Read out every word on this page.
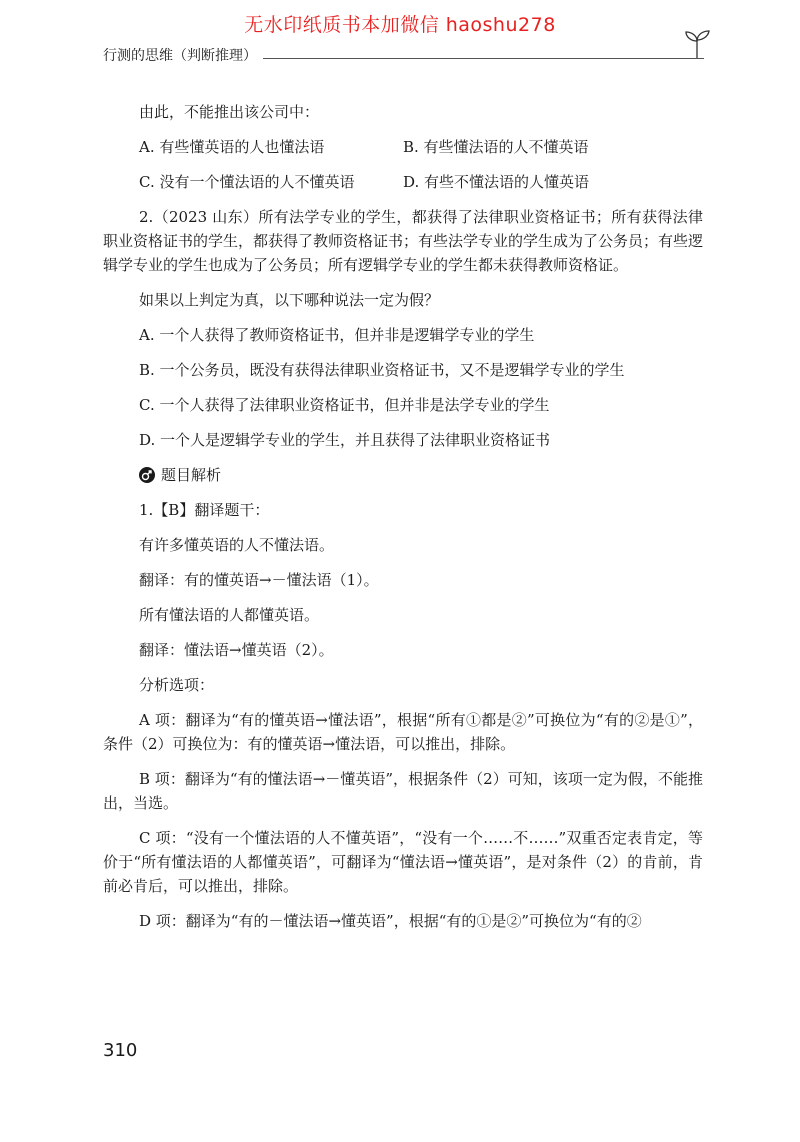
无水印纸质书本加微信 haoshu278
行测的思维（判断推理）

由此，不能推出该公司中：

A. 有些懂英语的人也懂法语	B. 有些懂法语的人不懂英语
C. 没有一个懂法语的人不懂英语	D. 有些不懂法语的人懂英语

2.（2023 山东）所有法学专业的学生，都获得了法律职业资格证书；所有获得法律职业资格证书的学生，都获得了教师资格证书；有些法学专业的学生成为了公务员；有些逻辑学专业的学生也成为了公务员；所有逻辑学专业的学生都未获得教师资格证。

如果以上判定为真，以下哪种说法一定为假？

A. 一个人获得了教师资格证书，但并非是逻辑学专业的学生

B. 一个公务员，既没有获得法律职业资格证书，又不是逻辑学专业的学生

C. 一个人获得了法律职业资格证书，但并非是法学专业的学生

D. 一个人是逻辑学专业的学生，并且获得了法律职业资格证书

题目解析

1.【B】翻译题干：

有许多懂英语的人不懂法语。

翻译：有的懂英语→－懂法语（1）。

所有懂法语的人都懂英语。

翻译：懂法语→懂英语（2）。

分析选项：

A 项：翻译为“有的懂英语→懂法语”，根据“所有①都是②”可换位为“有的②是①”，条件（2）可换位为：有的懂英语→懂法语，可以推出，排除。

B 项：翻译为“有的懂法语→－懂英语”，根据条件（2）可知，该项一定为假，不能推出，当选。

C 项：“没有一个懂法语的人不懂英语”，“没有一个……不……”双重否定表肯定，等价于“所有懂法语的人都懂英语”，可翻译为“懂法语→懂英语”，是对条件（2）的肯前，肯前必肯后，可以推出，排除。

D 项：翻译为“有的－懂法语→懂英语”，根据“有的①是②”可换位为“有的②

310
